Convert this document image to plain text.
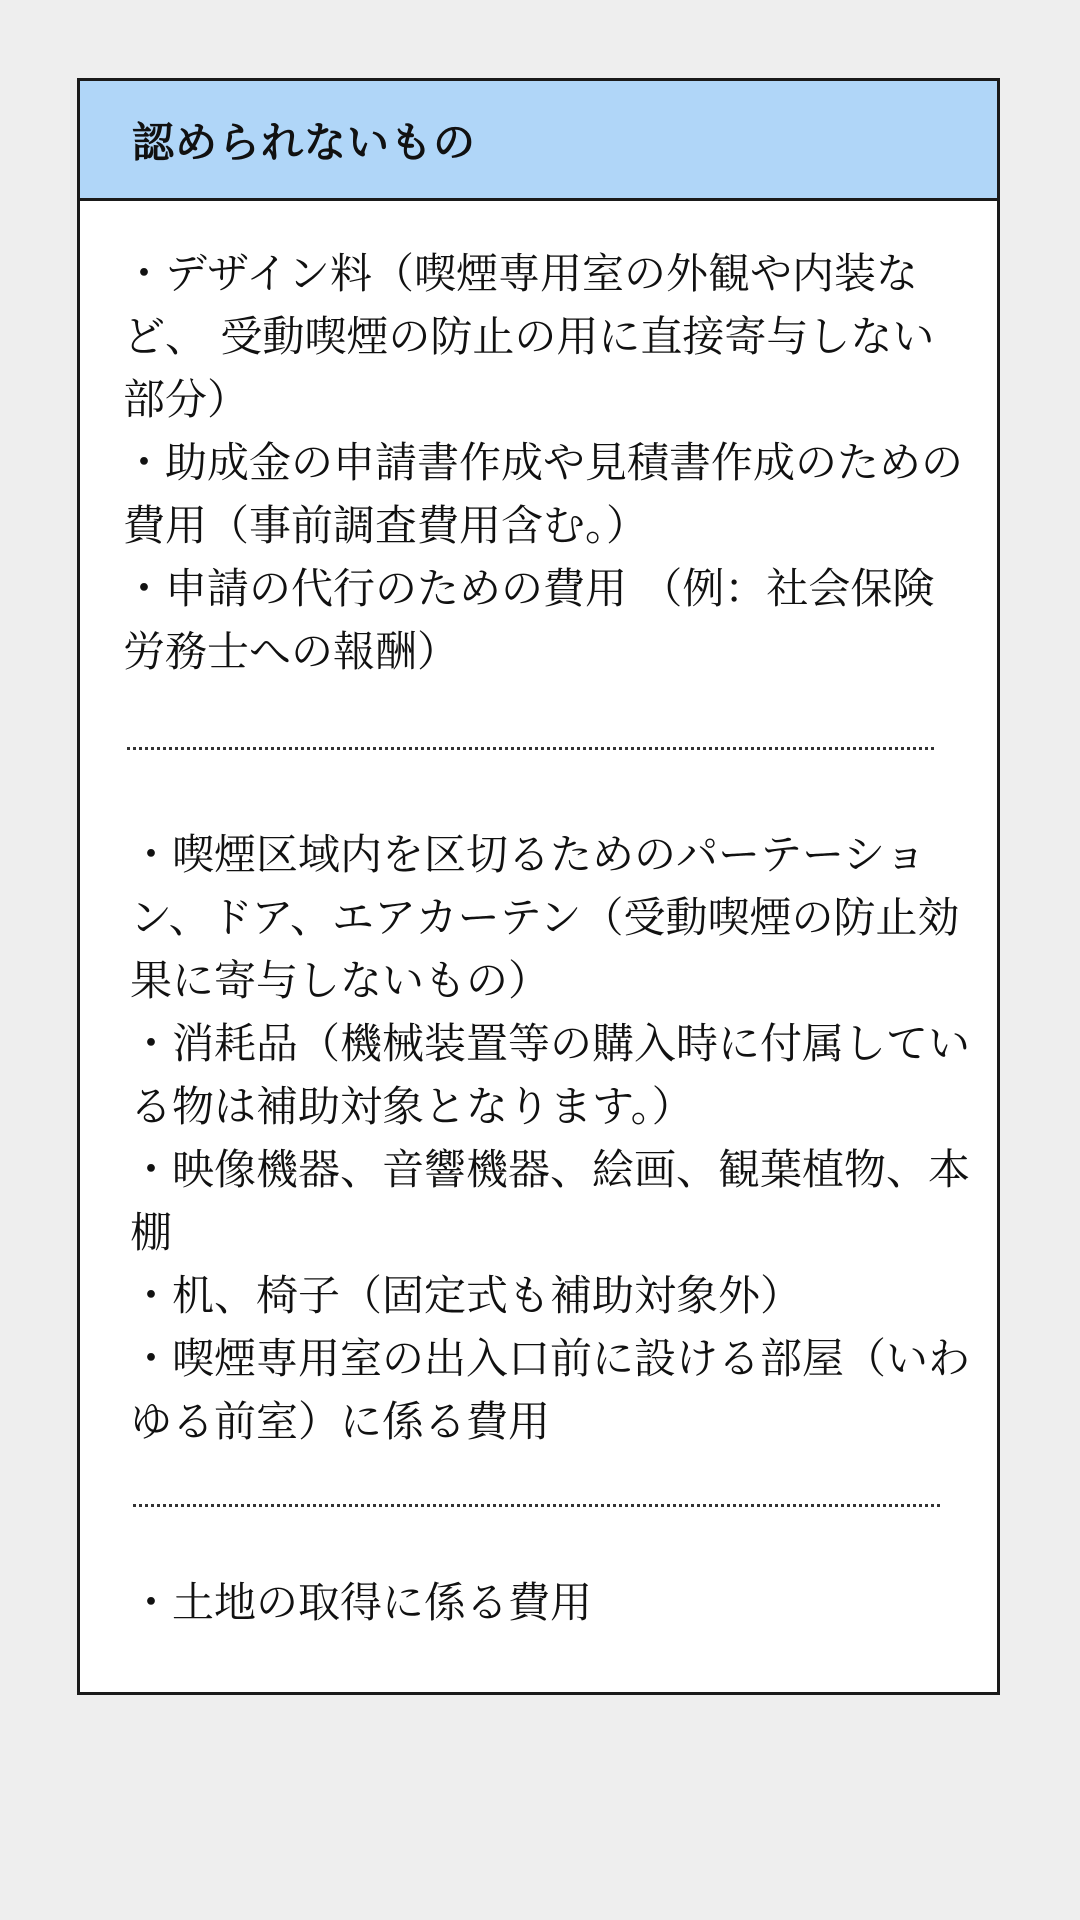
認められないもの
・デザイン料（喫煙専用室の外観や内装など、 受動喫煙の防止の用に直接寄与しない部分）
・助成金の申請書作成や見積書作成のための 費用（事前調査費用含む。）
・申請の代行のための費用 （例：社会保険労務士への報酬）
・喫煙区域内を区切るためのパーテーション、ドア、エアカーテン（受動喫煙の防止効果に寄与しないもの）
・消耗品（機械装置等の購入時に付属している物は補助対象となります。）
・映像機器、音響機器、絵画、観葉植物、本棚
・机、椅子（固定式も補助対象外）
・喫煙専用室の出入口前に設ける部屋（いわゆる前室）に係る費用
・土地の取得に係る費用
